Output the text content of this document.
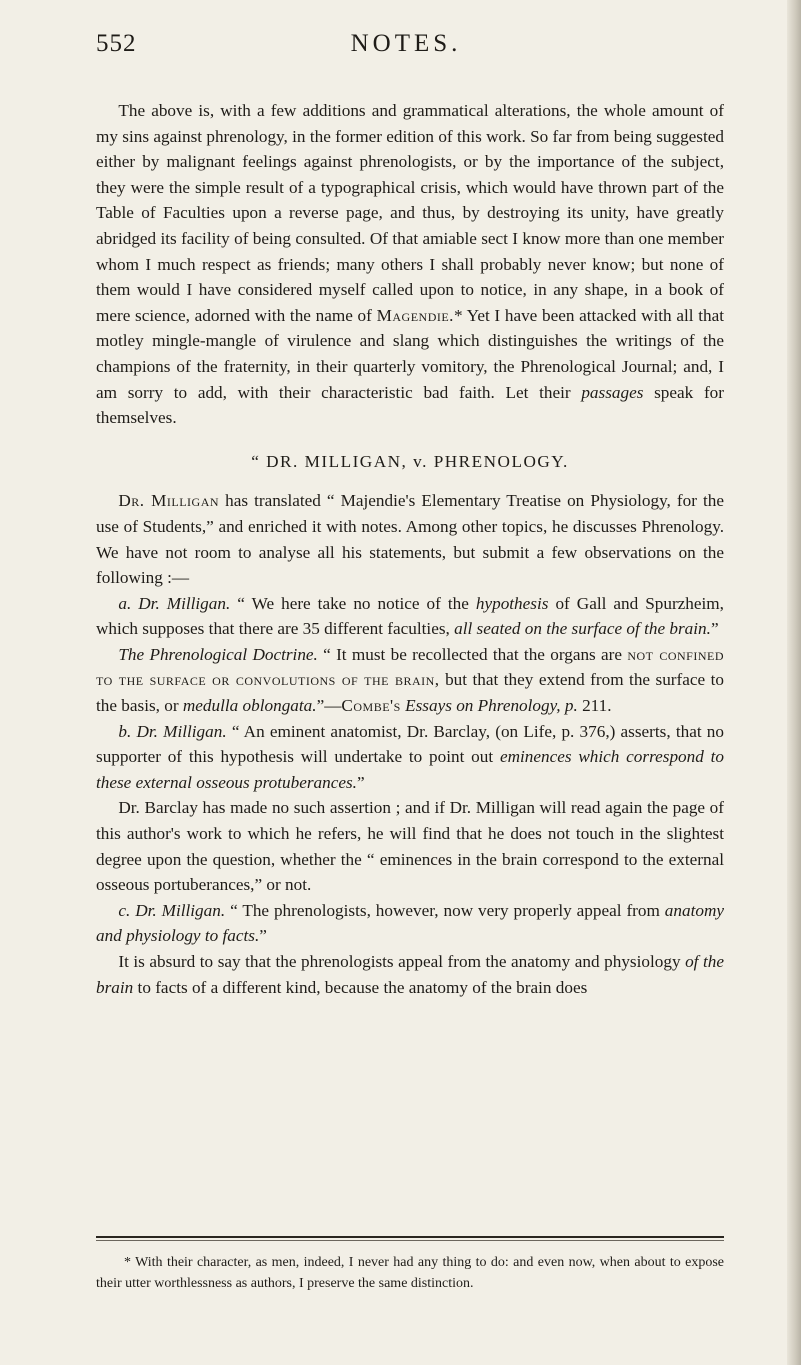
NOTES.
552

The above is, with a few additions and grammatical alterations, the whole amount of my sins against phrenology, in the former edition of this work. So far from being suggested either by malignant feelings against phrenologists, or by the importance of the subject, they were the simple result of a typographical crisis, which would have thrown part of the Table of Faculties upon a reverse page, and thus, by destroying its unity, have greatly abridged its facility of being consulted. Of that amiable sect I know more than one member whom I much respect as friends; many others I shall probably never know; but none of them would I have considered myself called upon to notice, in any shape, in a book of mere science, adorned with the name of Magendie.* Yet I have been attacked with all that motley mingle-mangle of virulence and slang which distinguishes the writings of the champions of the fraternity, in their quarterly vomitory, the Phrenological Journal; and, I am sorry to add, with their characteristic bad faith. Let their passages speak for themselves.

“ DR. MILLIGAN, v. PHRENOLOGY.

Dr. Milligan has translated “ Majendie's Elementary Treatise on Physiology, for the use of Students,” and enriched it with notes. Among other topics, he discusses Phrenology. We have not room to analyse all his statements, but submit a few observations on the following :—

a. Dr. Milligan. “ We here take no notice of the hypothesis of Gall and Spurzheim, which supposes that there are 35 different faculties, all seated on the surface of the brain.”

The Phrenological Doctrine. “ It must be recollected that the organs are not confined to the surface or convolutions of the brain, but that they extend from the surface to the basis, or medulla oblongata.”—Combe's Essays on Phrenology, p. 211.

b. Dr. Milligan. “ An eminent anatomist, Dr. Barclay, (on Life, p. 376,) asserts, that no supporter of this hypothesis will undertake to point out eminences which correspond to these external osseous protuberances.”

Dr. Barclay has made no such assertion ; and if Dr. Milligan will read again the page of this author's work to which he refers, he will find that he does not touch in the slightest degree upon the question, whether the “ eminences in the brain correspond to the external osseous portuberances,” or not.

c. Dr. Milligan. “ The phrenologists, however, now very properly appeal from anatomy and physiology to facts.”

It is absurd to say that the phrenologists appeal from the anatomy and physiology of the brain to facts of a different kind, because the anatomy of the brain does

* With their character, as men, indeed, I never had any thing to do: and even now, when about to expose their utter worthlessness as authors, I preserve the same distinction.
